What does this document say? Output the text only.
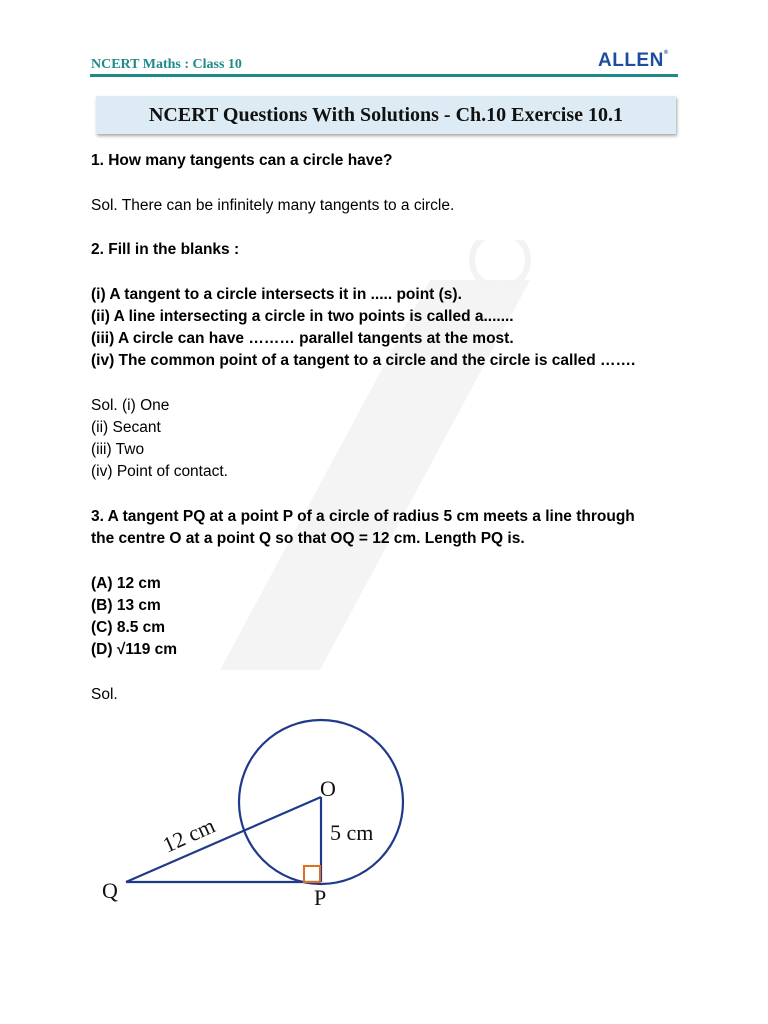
NCERT Maths : Class 10	ALLEN®
NCERT Questions With Solutions - Ch.10 Exercise 10.1
1. How many tangents can a circle have?
Sol. There can be infinitely many tangents to a circle.
2. Fill in the blanks :
(i) A tangent to a circle intersects it in ..... point (s).
(ii) A line intersecting a circle in two points is called a.......
(iii) A circle can have ……… parallel tangents at the most.
(iv) The common point of a tangent to a circle and the circle is called …….
Sol. (i) One
(ii) Secant
(iii) Two
(iv) Point of contact.
3. A tangent PQ at a point P of a circle of radius 5 cm meets a line through
the centre O at a point Q so that OQ = 12 cm. Length PQ is.
(A) 12 cm
(B) 13 cm
(C) 8.5 cm
(D) √119 cm
Sol.
O
5 cm
12 cm
Q	P
